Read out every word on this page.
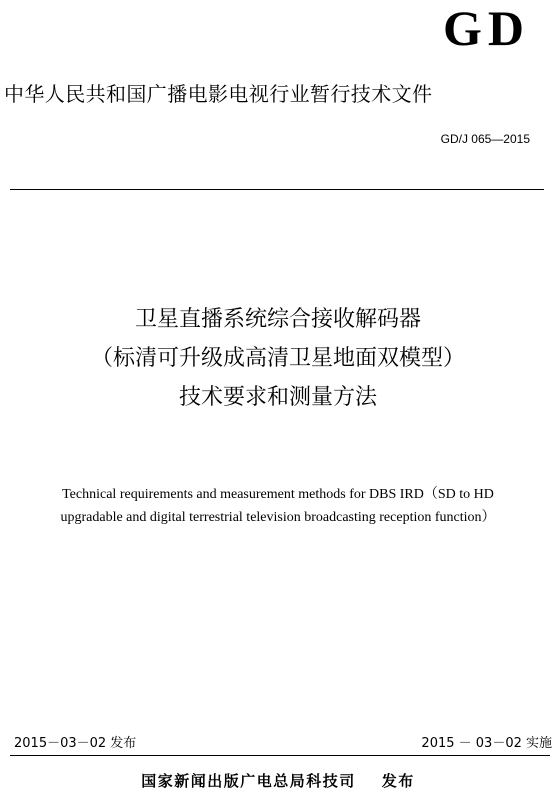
GD
中华人民共和国广播电影电视行业暂行技术文件
GD/J 065—2015
卫星直播系统综合接收解码器
（标清可升级成高清卫星地面双模型）
技术要求和测量方法
Technical requirements and measurement methods for DBS IRD（SD to HD
upgradable and digital terrestrial television broadcasting reception function）
2015－03－02 发布	2015 － 03－02 实施
国家新闻出版广电总局科技司 发布
